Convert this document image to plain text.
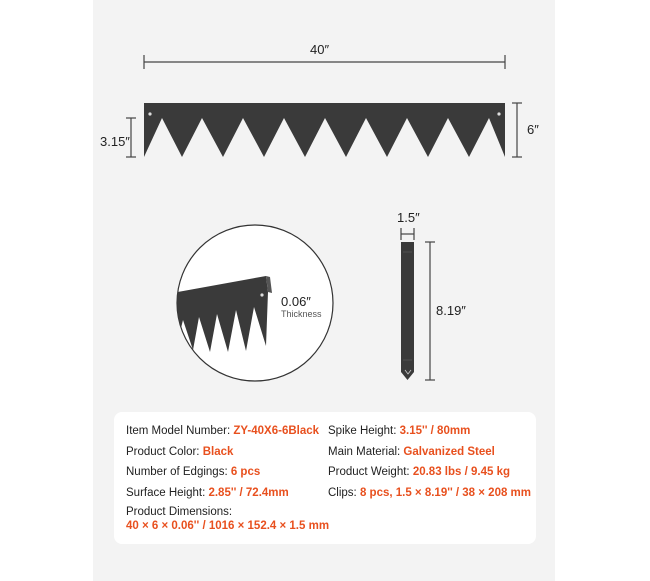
40″
3.15″
6″
0.06″
Thickness
1.5″
8.19″
Item Model Number: ZY-40X6-6Black Spike Height: 3.15'' / 80mm
Product Color: Black	Main Material: Galvanized Steel
Number of Edgings: 6 pcs	Product Weight: 20.83 lbs / 9.45 kg
Surface Height: 2.85'' / 72.4mm	Clips: 8 pcs, 1.5 × 8.19'' / 38 × 208 mm
Product Dimensions:
40 × 6 × 0.06'' / 1016 × 152.4 × 1.5 mm
